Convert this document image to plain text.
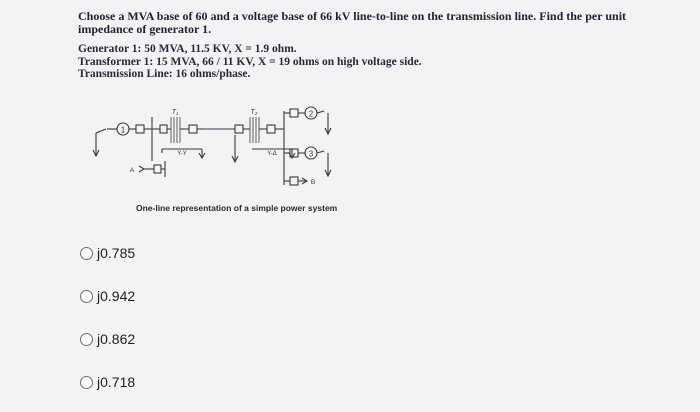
Choose a MVA base of 60 and a voltage base of 66 kV line-to-line on the transmission line. Find the per unit
impedance of generator 1.
Generator 1: 50 MVA, 11.5 KV, X = 1.9 ohm.
Transformer 1: 15 MVA, 66 / 11 KV, X = 19 ohms on high voltage side.
Transmission Line: 16 ohms/phase.
1
2
3
T₁	T₂
Y-Y	Y-Δ
A
B
One-line representation of a simple power system
j0.785
j0.942
j0.862
j0.718
